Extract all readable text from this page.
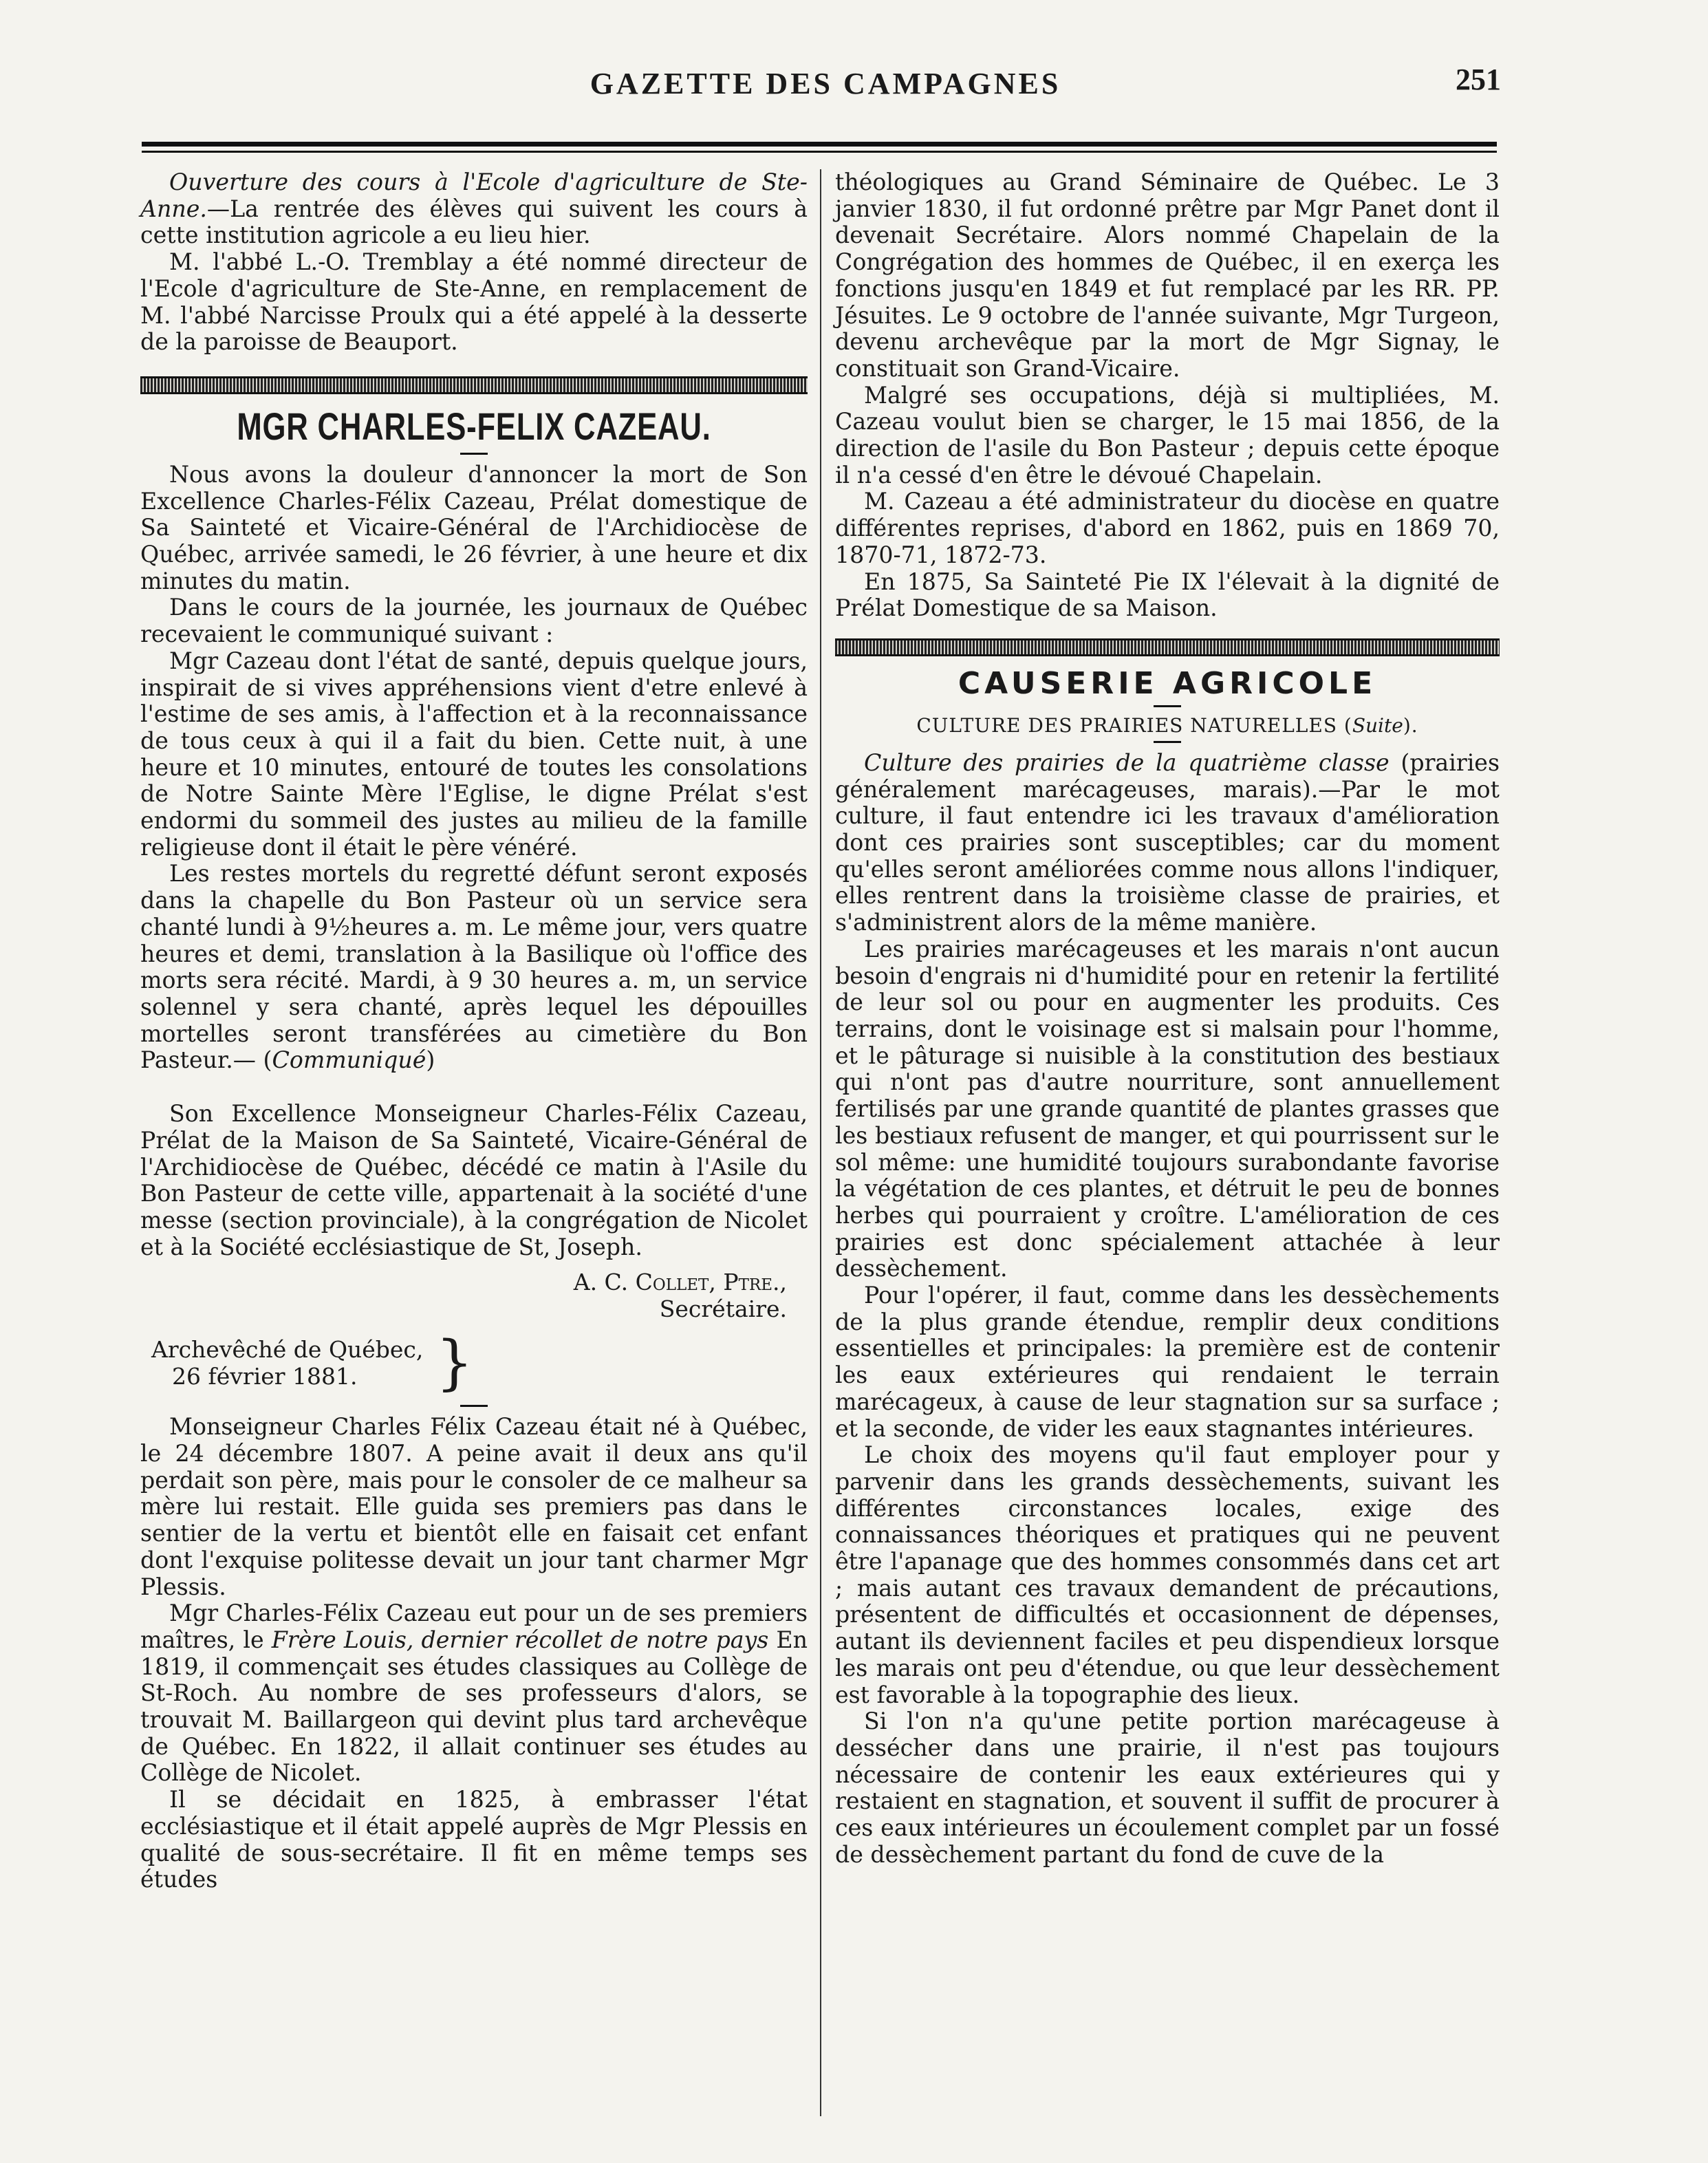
GAZETTE DES CAMPAGNES	251

Ouverture des cours à l'Ecole d'agriculture de Ste-Anne.—La rentrée des élèves qui suivent les cours à cette institution agricole a eu lieu hier.

M. l'abbé L.-O. Tremblay a été nommé directeur de l'Ecole d'agriculture de Ste-Anne, en remplacement de M. l'abbé Narcisse Proulx qui a été appelé à la desserte de la paroisse de Beauport.

MGR CHARLES-FELIX CAZEAU.

Nous avons la douleur d'annoncer la mort de Son Excellence Charles-Félix Cazeau, Prélat domestique de Sa Sainteté et Vicaire-Général de l'Archidiocèse de Québec, arrivée samedi, le 26 février, à une heure et dix minutes du matin.

Dans le cours de la journée, les journaux de Québec recevaient le communiqué suivant :

Mgr Cazeau dont l'état de santé, depuis quelque jours, inspirait de si vives appréhensions vient d'etre enlevé à l'estime de ses amis, à l'affection et à la reconnaissance de tous ceux à qui il a fait du bien. Cette nuit, à une heure et 10 minutes, entouré de toutes les consolations de Notre Sainte Mère l'Eglise, le digne Prélat s'est endormi du sommeil des justes au milieu de la famille religieuse dont il était le père vénéré.

Les restes mortels du regretté défunt seront exposés dans la chapelle du Bon Pasteur où un service sera chanté lundi à 9½heures a. m. Le même jour, vers quatre heures et demi, translation à la Basilique où l'office des morts sera récité. Mardi, à 9 30 heures a. m, un service solennel y sera chanté, après lequel les dépouilles mortelles seront transférées au cimetière du Bon Pasteur.— (Communiqué)

Son Excellence Monseigneur Charles-Félix Cazeau, Prélat de la Maison de Sa Sainteté, Vicaire-Général de l'Archidiocèse de Québec, décédé ce matin à l'Asile du Bon Pasteur de cette ville, appartenait à la société d'une messe (section provinciale), à la congrégation de Nicolet et à la Société ecclésiastique de St, Joseph.

A. C. Collet, Ptre.,
Secrétaire.
Archevêché de Québec,
26 février 1881.	}

Monseigneur Charles Félix Cazeau était né à Québec, le 24 décembre 1807. A peine avait il deux ans qu'il perdait son père, mais pour le consoler de ce malheur sa mère lui restait. Elle guida ses premiers pas dans le sentier de la vertu et bientôt elle en faisait cet enfant dont l'exquise politesse devait un jour tant charmer Mgr Plessis.

Mgr Charles-Félix Cazeau eut pour un de ses premiers maîtres, le Frère Louis, dernier récollet de notre pays En 1819, il commençait ses études classiques au Collège de St-Roch. Au nombre de ses professeurs d'alors, se trouvait M. Baillargeon qui devint plus tard archevêque de Québec. En 1822, il allait continuer ses études au Collège de Nicolet.

Il se décidait en 1825, à embrasser l'état ecclésiastique et il était appelé auprès de Mgr Plessis en qualité de sous-secrétaire. Il fit en même temps ses études

théologiques au Grand Séminaire de Québec. Le 3 janvier 1830, il fut ordonné prêtre par Mgr Panet dont il devenait Secrétaire. Alors nommé Chapelain de la Congrégation des hommes de Québec, il en exerça les fonctions jusqu'en 1849 et fut remplacé par les RR. PP. Jésuites. Le 9 octobre de l'année suivante, Mgr Turgeon, devenu archevêque par la mort de Mgr Signay, le constituait son Grand-Vicaire.

Malgré ses occupations, déjà si multipliées, M. Cazeau voulut bien se charger, le 15 mai 1856, de la direction de l'asile du Bon Pasteur ; depuis cette époque il n'a cessé d'en être le dévoué Chapelain.

M. Cazeau a été administrateur du diocèse en quatre différentes reprises, d'abord en 1862, puis en 1869 70, 1870-71, 1872-73.

En 1875, Sa Sainteté Pie IX l'élevait à la dignité de Prélat Domestique de sa Maison.

CAUSERIE AGRICOLE
CULTURE DES PRAIRIES NATURELLES (Suite).

Culture des prairies de la quatrième classe (prairies généralement marécageuses, marais).—Par le mot culture, il faut entendre ici les travaux d'amélioration dont ces prairies sont susceptibles; car du moment qu'elles seront améliorées comme nous allons l'indiquer, elles rentrent dans la troisième classe de prairies, et s'administrent alors de la même manière.

Les prairies marécageuses et les marais n'ont aucun besoin d'engrais ni d'humidité pour en retenir la fertilité de leur sol ou pour en augmenter les produits. Ces terrains, dont le voisinage est si malsain pour l'homme, et le pâturage si nuisible à la constitution des bestiaux qui n'ont pas d'autre nourriture, sont annuellement fertilisés par une grande quantité de plantes grasses que les bestiaux refusent de manger, et qui pourrissent sur le sol même: une humidité toujours surabondante favorise la végétation de ces plantes, et détruit le peu de bonnes herbes qui pourraient y croître. L'amélioration de ces prairies est donc spécialement attachée à leur dessèchement.

Pour l'opérer, il faut, comme dans les dessèchements de la plus grande étendue, remplir deux conditions essentielles et principales: la première est de contenir les eaux extérieures qui rendaient le terrain marécageux, à cause de leur stagnation sur sa surface ; et la seconde, de vider les eaux stagnantes intérieures.

Le choix des moyens qu'il faut employer pour y parvenir dans les grands dessèchements, suivant les différentes circonstances locales, exige des connaissances théoriques et pratiques qui ne peuvent être l'apanage que des hommes consommés dans cet art ; mais autant ces travaux demandent de précautions, présentent de difficultés et occasionnent de dépenses, autant ils deviennent faciles et peu dispendieux lorsque les marais ont peu d'étendue, ou que leur dessèchement est favorable à la topographie des lieux.

Si l'on n'a qu'une petite portion marécageuse à dessécher dans une prairie, il n'est pas toujours nécessaire de contenir les eaux extérieures qui y restaient en stagnation, et souvent il suffit de procurer à ces eaux intérieures un écoulement complet par un fossé de dessèchement partant du fond de cuve de la
